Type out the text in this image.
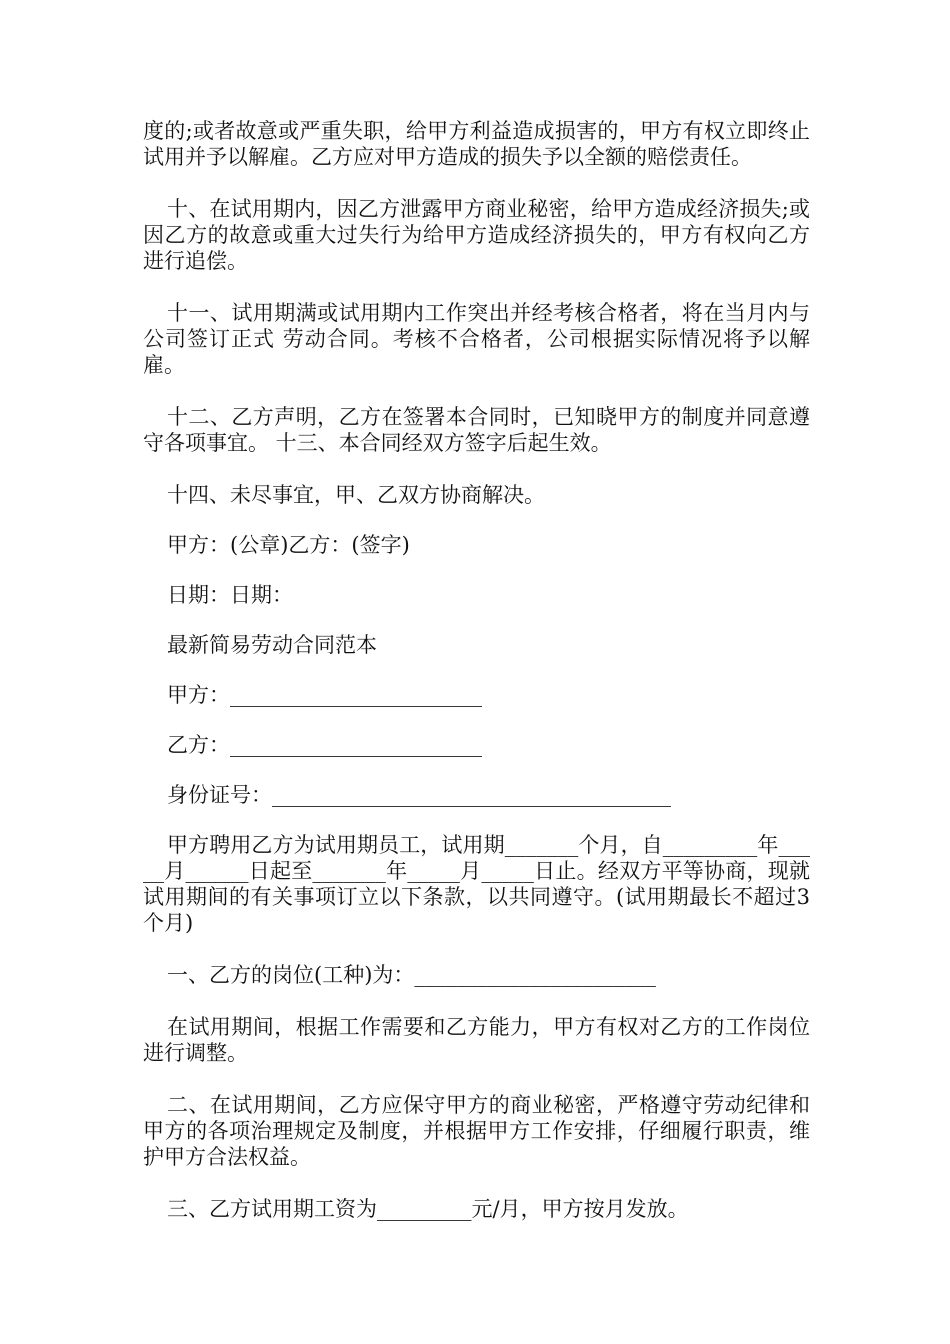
度的;或者故意或严重失职，给甲方利益造成损害的，甲方有权立即终止试用并予以解雇。乙方应对甲方造成的损失予以全额的赔偿责任。

十、在试用期内，因乙方泄露甲方商业秘密，给甲方造成经济损失;或因乙方的故意或重大过失行为给甲方造成经济损失的，甲方有权向乙方进行追偿。

十一、试用期满或试用期内工作突出并经考核合格者，将在当月内与公司签订正式 劳动合同。考核不合格者，公司根据实际情况将予以解雇。

十二、乙方声明，乙方在签署本合同时，已知晓甲方的制度并同意遵守各项事宜。 十三、本合同经双方签字后起生效。

十四、未尽事宜，甲、乙双方协商解决。

甲方：(公章)乙方：(签字)

日期：日期：

最新简易劳动合同范本

甲方：________________________

乙方：________________________

身份证号：______________________________________

甲方聘用乙方为试用期员工，试用期_______个月，自_________年_____月______日起至_______年_____月_____日止。经双方平等协商，现就试用期间的有关事项订立以下条款，以共同遵守。(试用期最长不超过3个月)

一、乙方的岗位(工种)为：_______________________

在试用期间，根据工作需要和乙方能力，甲方有权对乙方的工作岗位进行调整。

二、在试用期间，乙方应保守甲方的商业秘密，严格遵守劳动纪律和甲方的各项治理规定及制度，并根据甲方工作安排，仔细履行职责，维护甲方合法权益。

三、乙方试用期工资为_________元/月，甲方按月发放。
